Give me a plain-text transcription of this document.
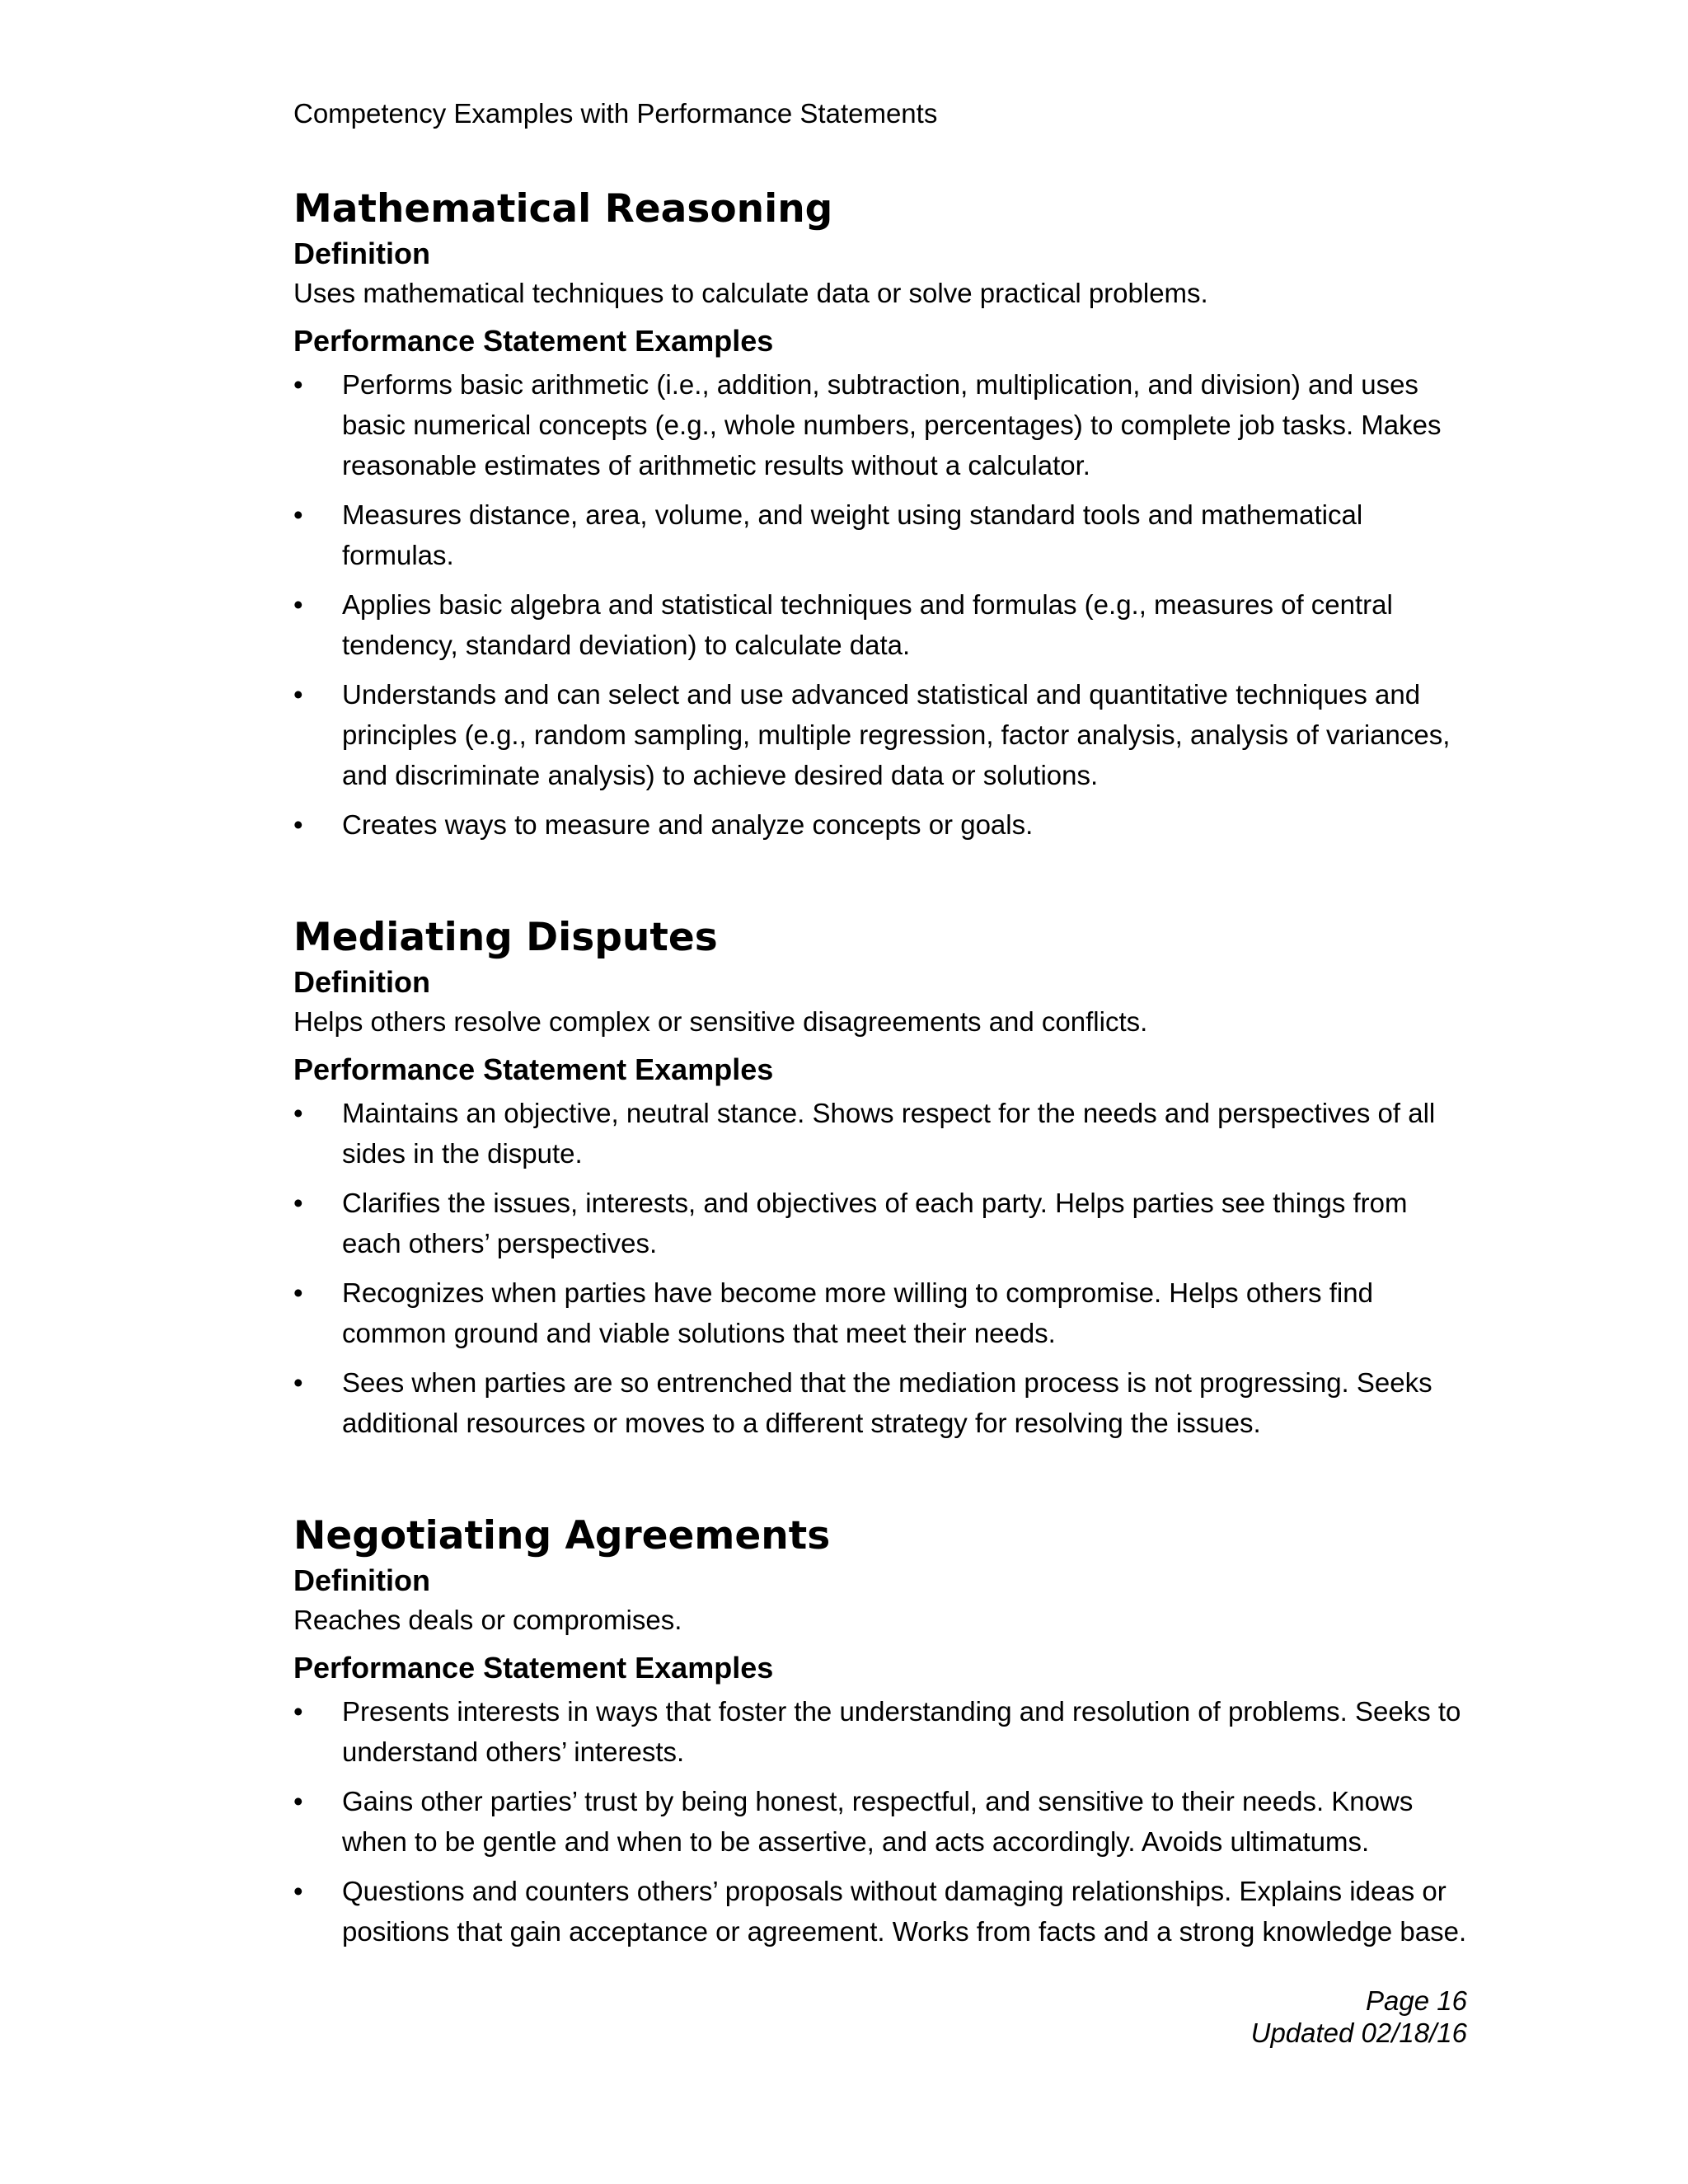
Competency Examples with Performance Statements
Mathematical Reasoning
Definition

Uses mathematical techniques to calculate data or solve practical problems.

Performance Statement Examples
• Performs basic arithmetic (i.e., addition, subtraction, multiplication, and division) and uses basic numerical concepts (e.g., whole numbers, percentages) to complete job tasks. Makes reasonable estimates of arithmetic results without a calculator.
• Measures distance, area, volume, and weight using standard tools and mathematical formulas.
• Applies basic algebra and statistical techniques and formulas (e.g., measures of central tendency, standard deviation) to calculate data.
• Understands and can select and use advanced statistical and quantitative techniques and principles (e.g., random sampling, multiple regression, factor analysis, analysis of variances, and discriminate analysis) to achieve desired data or solutions.
• Creates ways to measure and analyze concepts or goals.
Mediating Disputes
Definition

Helps others resolve complex or sensitive disagreements and conflicts.

Performance Statement Examples
• Maintains an objective, neutral stance. Shows respect for the needs and perspectives of all sides in the dispute.
• Clarifies the issues, interests, and objectives of each party. Helps parties see things from each others’ perspectives.
• Recognizes when parties have become more willing to compromise. Helps others find common ground and viable solutions that meet their needs.
• Sees when parties are so entrenched that the mediation process is not progressing. Seeks additional resources or moves to a different strategy for resolving the issues.
Negotiating Agreements
Definition

Reaches deals or compromises.

Performance Statement Examples
• Presents interests in ways that foster the understanding and resolution of problems. Seeks to understand others’ interests.
• Gains other parties’ trust by being honest, respectful, and sensitive to their needs. Knows when to be gentle and when to be assertive, and acts accordingly. Avoids ultimatums.
• Questions and counters others’ proposals without damaging relationships. Explains ideas or positions that gain acceptance or agreement. Works from facts and a strong knowledge base.
Page 16
Updated 02/18/16
